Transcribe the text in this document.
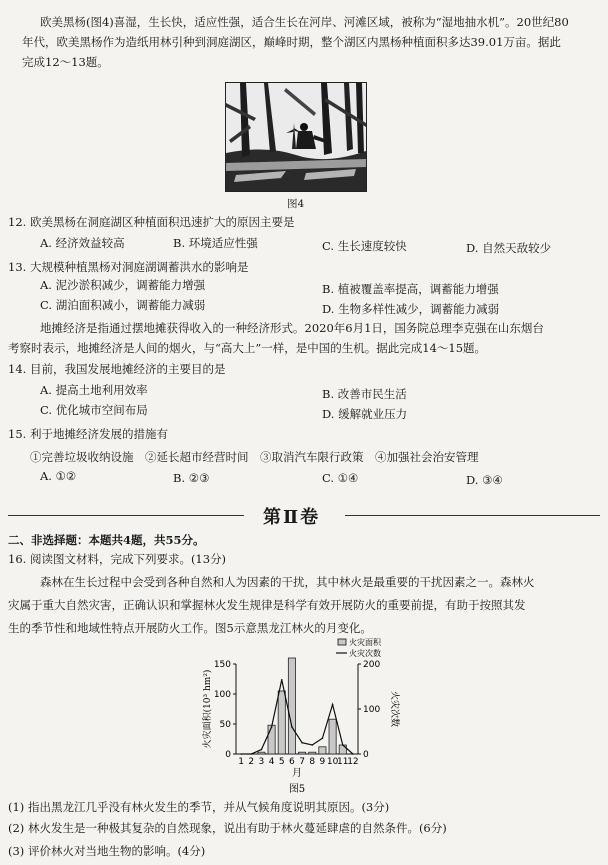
欧美黑杨(图4)喜湿，生长快，适应性强，适合生长在河岸、河滩区域，被称为“湿地抽水机”。20世纪80
年代，欧美黑杨作为造纸用林引种到洞庭湖区，巅峰时期，整个湖区内黑杨种植面积多达39.01万亩。据此
完成12～13题。
图4
12. 欧美黑杨在洞庭湖区种植面积迅速扩大的原因主要是
A. 经济效益较高	B. 环境适应性强	C. 生长速度较快	D. 自然天敌较少
13. 大规模种植黑杨对洞庭湖调蓄洪水的影响是
A. 泥沙淤积减少，调蓄能力增强	B. 植被覆盖率提高，调蓄能力增强
C. 湖泊面积减小，调蓄能力减弱	D. 生物多样性减少，调蓄能力减弱
地摊经济是指通过摆地摊获得收入的一种经济形式。2020年6月1日，国务院总理李克强在山东烟台
考察时表示，地摊经济是人间的烟火，与“高大上”一样，是中国的生机。据此完成14～15题。
14. 目前，我国发展地摊经济的主要目的是
A. 提高土地利用效率	B. 改善市民生活
C. 优化城市空间布局	D. 缓解就业压力
15. 利于地摊经济发展的措施有
①完善垃圾收纳设施　②延长超市经营时间　③取消汽车限行政策　④加强社会治安管理
A. ①②	B. ②③	C. ①④	D. ③④
第Ⅱ卷
二、非选择题：本题共4题，共55分。
16. 阅读图文材料，完成下列要求。(13分)
森林在生长过程中会受到各种自然和人为因素的干扰，其中林火是最重要的干扰因素之一。森林火
灾属于重大自然灾害，正确认识和掌握林火发生规律是科学有效开展防火的重要前提，有助于按照其发
生的季节性和地域性特点开展防火工作。图5示意黑龙江林火的月变化。
0
50
100
150
0
100
200
1 2 3 4 5 6 7 8 9 10
11
12
月
火灾面积(10³ hm²)	火灾次数
火灾面积
火灾次数
图5
(1) 指出黑龙江几乎没有林火发生的季节，并从气候角度说明其原因。(3分)
(2) 林火发生是一种极其复杂的自然现象，说出有助于林火蔓延肆虐的自然条件。(6分)
(3) 评价林火对当地生物的影响。(4分)
